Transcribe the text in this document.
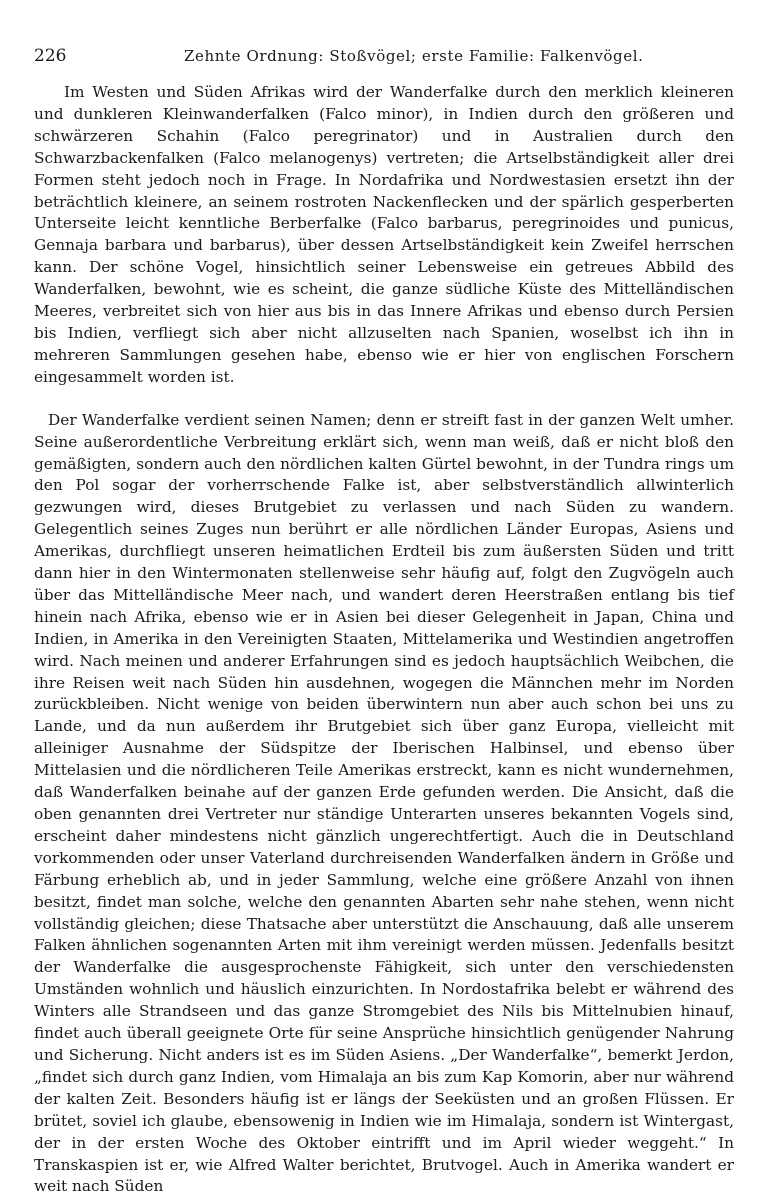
226	Zehnte Ordnung: Stoßvögel; erste Familie: Falkenvögel.

Im Westen und Süden Afrikas wird der Wanderfalke durch den merklich kleineren und dunkleren Kleinwanderfalken (Falco minor), in Indien durch den größeren und schwärzeren Schahin (Falco peregrinator) und in Australien durch den Schwarzbackenfalken (Falco melanogenys) vertreten; die Artselbständigkeit aller drei Formen steht jedoch noch in Frage. In Nordafrika und Nordwestasien ersetzt ihn der beträchtlich kleinere, an seinem rostroten Nackenflecken und der spärlich gesperberten Unterseite leicht kenntliche Berberfalke (Falco barbarus, peregrinoides und punicus, Gennaja barbara und barbarus), über dessen Artselbständigkeit kein Zweifel herrschen kann. Der schöne Vogel, hinsichtlich seiner Lebensweise ein getreues Abbild des Wanderfalken, bewohnt, wie es scheint, die ganze südliche Küste des Mittelländischen Meeres, verbreitet sich von hier aus bis in das Innere Afrikas und ebenso durch Persien bis Indien, verfliegt sich aber nicht allzuselten nach Spanien, woselbst ich ihn in mehreren Sammlungen gesehen habe, ebenso wie er hier von englischen Forschern eingesammelt worden ist.

Der Wanderfalke verdient seinen Namen; denn er streift fast in der ganzen Welt umher. Seine außerordentliche Verbreitung erklärt sich, wenn man weiß, daß er nicht bloß den gemäßigten, sondern auch den nördlichen kalten Gürtel bewohnt, in der Tundra rings um den Pol sogar der vorherrschende Falke ist, aber selbstverständlich allwinterlich gezwungen wird, dieses Brutgebiet zu verlassen und nach Süden zu wandern. Gelegentlich seines Zuges nun berührt er alle nördlichen Länder Europas, Asiens und Amerikas, durchfliegt unseren heimatlichen Erdteil bis zum äußersten Süden und tritt dann hier in den Wintermonaten stellenweise sehr häufig auf, folgt den Zugvögeln auch über das Mittelländische Meer nach, und wandert deren Heerstraßen entlang bis tief hinein nach Afrika, ebenso wie er in Asien bei dieser Gelegenheit in Japan, China und Indien, in Amerika in den Vereinigten Staaten, Mittelamerika und Westindien angetroffen wird. Nach meinen und anderer Erfahrungen sind es jedoch hauptsächlich Weibchen, die ihre Reisen weit nach Süden hin ausdehnen, wogegen die Männchen mehr im Norden zurückbleiben. Nicht wenige von beiden überwintern nun aber auch schon bei uns zu Lande, und da nun außerdem ihr Brutgebiet sich über ganz Europa, vielleicht mit alleiniger Ausnahme der Südspitze der Iberischen Halbinsel, und ebenso über Mittelasien und die nördlicheren Teile Amerikas erstreckt, kann es nicht wundernehmen, daß Wanderfalken beinahe auf der ganzen Erde gefunden werden. Die Ansicht, daß die oben genannten drei Vertreter nur ständige Unterarten unseres bekannten Vogels sind, erscheint daher mindestens nicht gänzlich ungerechtfertigt. Auch die in Deutschland vorkommenden oder unser Vaterland durchreisenden Wanderfalken ändern in Größe und Färbung erheblich ab, und in jeder Sammlung, welche eine größere Anzahl von ihnen besitzt, findet man solche, welche den genannten Abarten sehr nahe stehen, wenn nicht vollständig gleichen; diese Thatsache aber unterstützt die Anschauung, daß alle unserem Falken ähnlichen sogenannten Arten mit ihm vereinigt werden müssen. Jedenfalls besitzt der Wanderfalke die ausgesprochenste Fähigkeit, sich unter den verschiedensten Umständen wohnlich und häuslich einzurichten. In Nordostafrika belebt er während des Winters alle Strandseen und das ganze Stromgebiet des Nils bis Mittelnubien hinauf, findet auch überall geeignete Orte für seine Ansprüche hinsichtlich genügender Nahrung und Sicherung. Nicht anders ist es im Süden Asiens. „Der Wanderfalke“, bemerkt Jerdon, „findet sich durch ganz Indien, vom Himalaja an bis zum Kap Komorin, aber nur während der kalten Zeit. Besonders häufig ist er längs der Seeküsten und an großen Flüssen. Er brütet, soviel ich glaube, ebensowenig in Indien wie im Himalaja, sondern ist Wintergast, der in der ersten Woche des Oktober eintrifft und im April wieder weggeht.“ In Transkaspien ist er, wie Alfred Walter berichtet, Brutvogel. Auch in Amerika wandert er weit nach Süden
